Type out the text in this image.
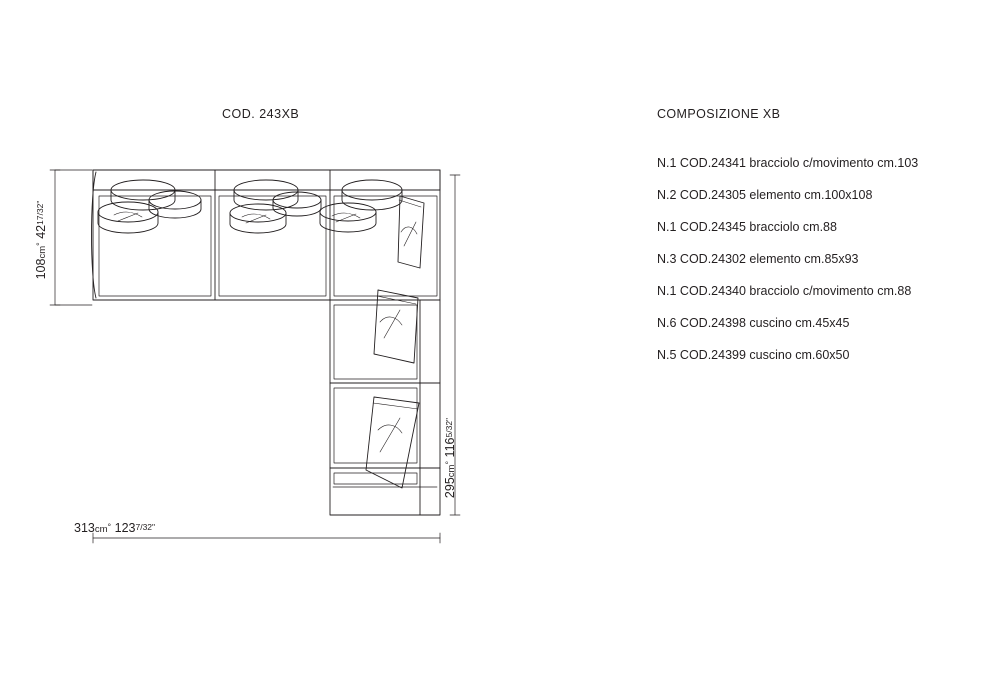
COD. 243XB
108cm° 4217/32"
295cm° 1165/32"
313cm° 1237/32"
COMPOSIZIONE XB
N.1 COD.24341 bracciolo c/movimento cm.103
N.2 COD.24305 elemento cm.100x108
N.1 COD.24345 bracciolo cm.88
N.3 COD.24302 elemento cm.85x93
N.1 COD.24340 bracciolo c/movimento cm.88
N.6 COD.24398 cuscino cm.45x45
N.5 COD.24399 cuscino cm.60x50
